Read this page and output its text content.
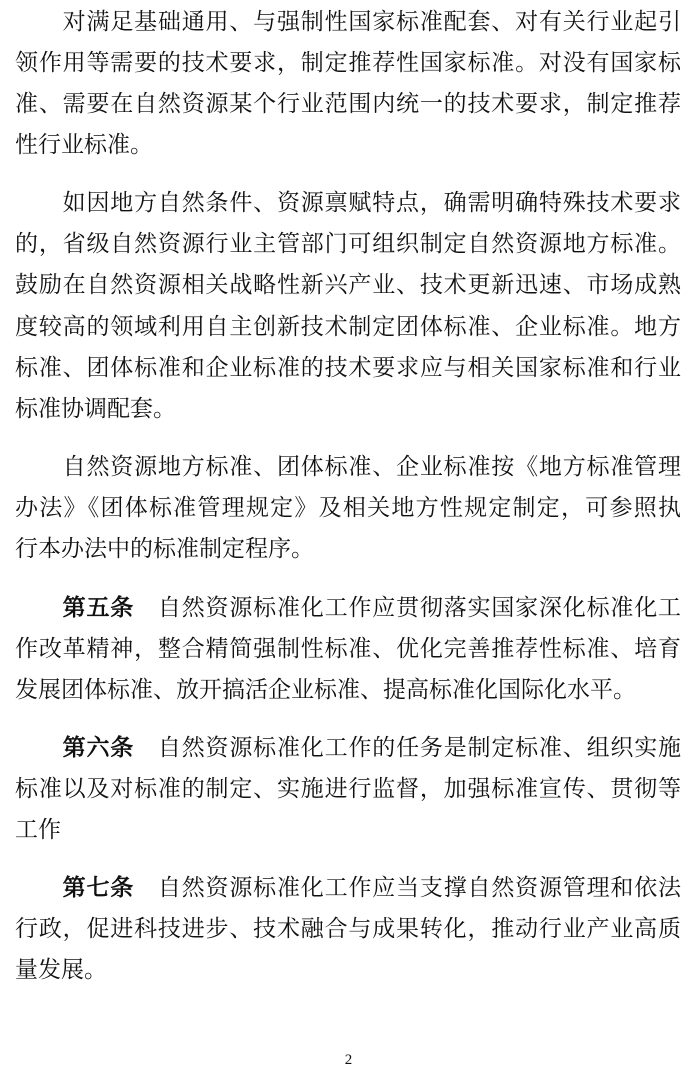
　　对满足基础通用、与强制性国家标准配套、对有关行业起引
领作用等需要的技术要求，制定推荐性国家标准。对没有国家标
准、需要在自然资源某个行业范围内统一的技术要求，制定推荐
性行业标准。
　　如因地方自然条件、资源禀赋特点，确需明确特殊技术要求
的，省级自然资源行业主管部门可组织制定自然资源地方标准。
鼓励在自然资源相关战略性新兴产业、技术更新迅速、市场成熟
度较高的领域利用自主创新技术制定团体标准、企业标准。地方
标准、团体标准和企业标准的技术要求应与相关国家标准和行业
标准协调配套。
　　自然资源地方标准、团体标准、企业标准按《地方标准管理
办法》《团体标准管理规定》及相关地方性规定制定，可参照执
行本办法中的标准制定程序。
　　第五条　 自然资源标准化工作应贯彻落实国家深化标准化工
作改革精神，整合精简强制性标准、优化完善推荐性标准、培育
发展团体标准、放开搞活企业标准、提高标准化国际化水平。
　　第六条　 自然资源标准化工作的任务是制定标准、组织实施
标准以及对标准的制定、实施进行监督，加强标准宣传、贯彻等
工作
　　第七条　 自然资源标准化工作应当支撑自然资源管理和依法
行政，促进科技进步、技术融合与成果转化，推动行业产业高质
量发展。
2
